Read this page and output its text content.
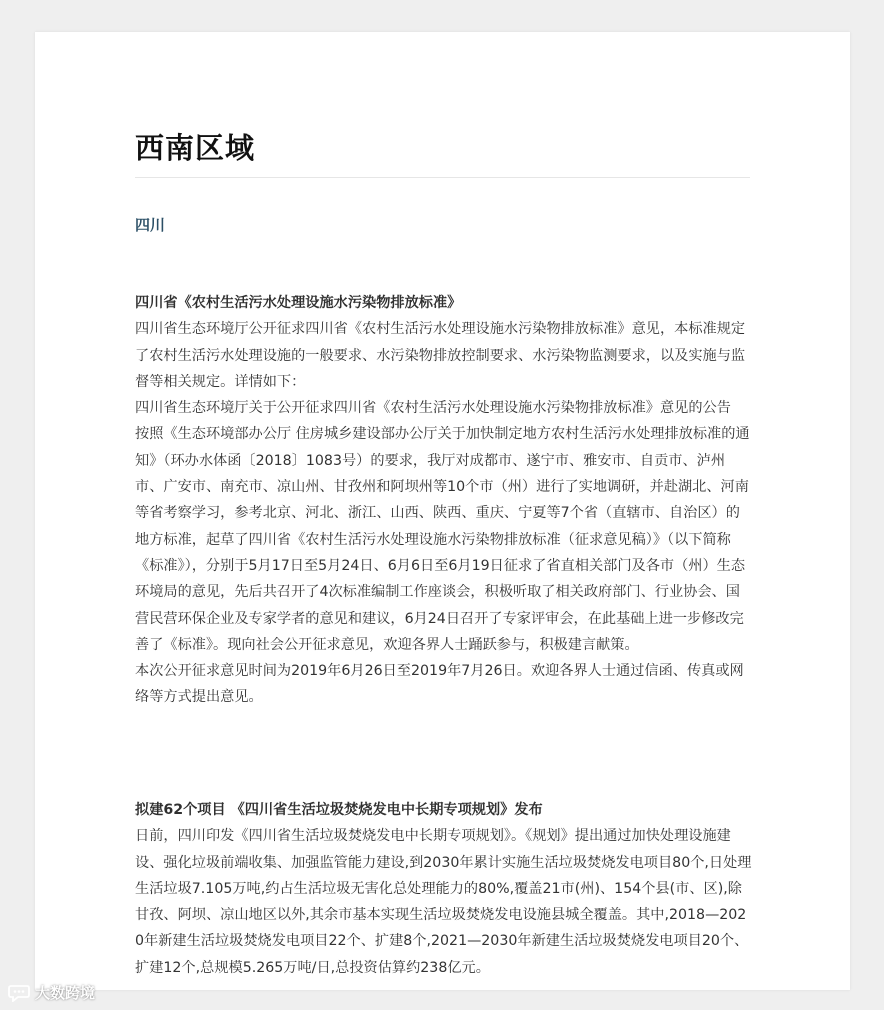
西南区域
四川

四川省《农村生活污水处理设施水污染物排放标准》

四川省生态环境厅公开征求四川省《农村生活污水处理设施水污染物排放标准》意见，本标准规定了农村生活污水处理设施的一般要求、水污染物排放控制要求、水污染物监测要求，以及实施与监督等相关规定。详情如下：

四川省生态环境厅关于公开征求四川省《农村生活污水处理设施水污染物排放标准》意见的公告

按照《生态环境部办公厅 住房城乡建设部办公厅关于加快制定地方农村生活污水处理排放标准的通知》（环办水体函〔2018〕1083号）的要求，我厅对成都市、遂宁市、雅安市、自贡市、泸州市、广安市、南充市、凉山州、甘孜州和阿坝州等10个市（州）进行了实地调研，并赴湖北、河南等省考察学习，参考北京、河北、浙江、山西、陕西、重庆、宁夏等7个省（直辖市、自治区）的地方标准，起草了四川省《农村生活污水处理设施水污染物排放标准（征求意见稿）》（以下简称《标准》），分别于5月17日至5月24日、6月6日至6月19日征求了省直相关部门及各市（州）生态环境局的意见，先后共召开了4次标准编制工作座谈会，积极听取了相关政府部门、行业协会、国营民营环保企业及专家学者的意见和建议，6月24日召开了专家评审会，在此基础上进一步修改完善了《标准》。现向社会公开征求意见，欢迎各界人士踊跃参与，积极建言献策。

本次公开征求意见时间为2019年6月26日至2019年7月26日。欢迎各界人士通过信函、传真或网络等方式提出意见。

拟建62个项目 《四川省生活垃圾焚烧发电中长期专项规划》发布

日前，四川印发《四川省生活垃圾焚烧发电中长期专项规划》。《规划》提出通过加快处理设施建设、强化垃圾前端收集、加强监管能力建设,到2030年累计实施生活垃圾焚烧发电项目80个,日处理生活垃圾7.105万吨,约占生活垃圾无害化总处理能力的80%,覆盖21市(州)、154个县(市、区),除甘孜、阿坝、凉山地区以外,其余市基本实现生活垃圾焚烧发电设施县城全覆盖。其中,2018—2020年新建生活垃圾焚烧发电项目22个、扩建8个,2021—2030年新建生活垃圾焚烧发电项目20个、扩建12个,总规模5.265万吨/日,总投资估算约238亿元。

大数跨境
